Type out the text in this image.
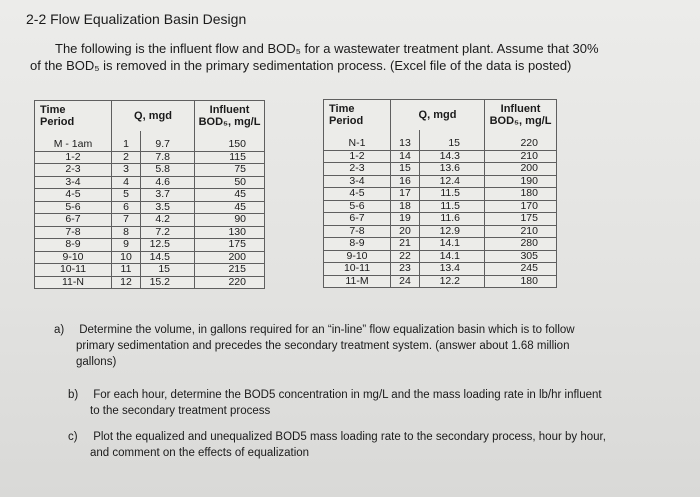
2-2 Flow Equalization Basin Design
The following is the influent flow and BOD₅ for a wastewater treatment plant. Assume that 30%
of the BOD₅ is removed in the primary sedimentation process. (Excel file of the data is posted)
Time
Period	Q, mgd		Influent
BOD₅, mg/L

M - 1am	1	9.7	150
1-2	2	7.8	115
2-3	3	5.8	75
3-4	4	4.6	50
4-5	5	3.7	45
5-6	6	3.5	45
6-7	7	4.2	90
7-8	8	7.2	130
8-9	9	12.5	175
9-10	10	14.5	200
10-11	11	15	215
11-N	12	15.2	220
Time
Period	Q, mgd		Influent
BOD₅, mg/L

N-1	13	15	220
1-2	14	14.3	210
2-3	15	13.6	200
3-4	16	12.4	190
4-5	17	11.5	180
5-6	18	11.5	170
6-7	19	11.6	175
7-8	20	12.9	210
8-9	21	14.1	280
9-10	22	14.1	305
10-11	23	13.4	245
11-M	24	12.2	180
a) Determine the volume, in gallons required for an “in-line” flow equalization basin which is to follow
primary sedimentation and precedes the secondary treatment system. (answer about 1.68 million
gallons)
b) For each hour, determine the BOD5 concentration in mg/L and the mass loading rate in lb/hr influent
to the secondary treatment process
c) Plot the equalized and unequalized BOD5 mass loading rate to the secondary process, hour by hour,
and comment on the effects of equalization
